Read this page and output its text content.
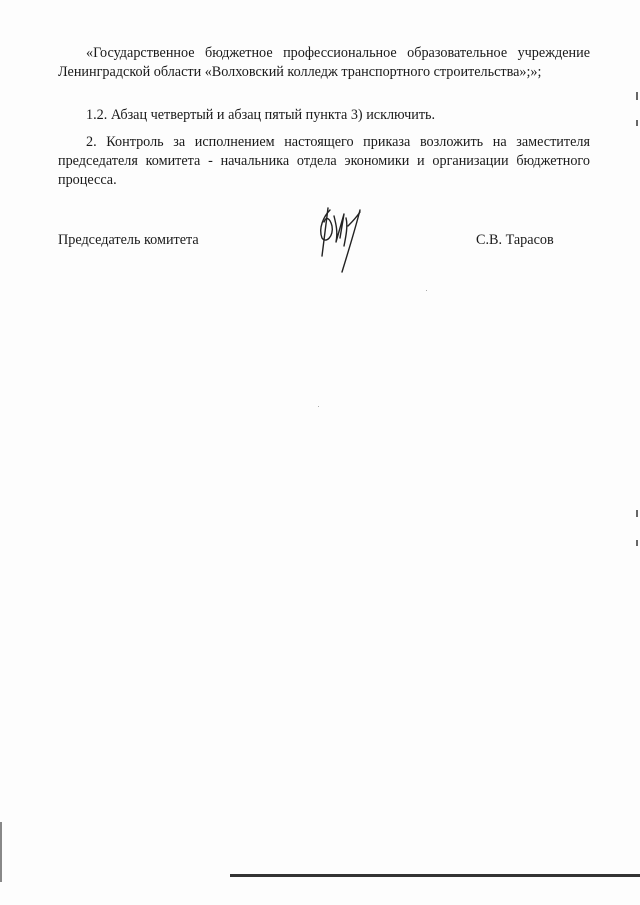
«Государственное бюджетное профессиональное образовательное учреждение Ленинградской области «Волховский колледж транспортного строительства»;»;

1.2. Абзац четвертый и абзац пятый пункта 3) исключить.

2. Контроль за исполнением настоящего приказа возложить на заместителя председателя комитета - начальника отдела экономики и организации бюджетного процесса.

Председатель комитета	С.В. Тарасов
